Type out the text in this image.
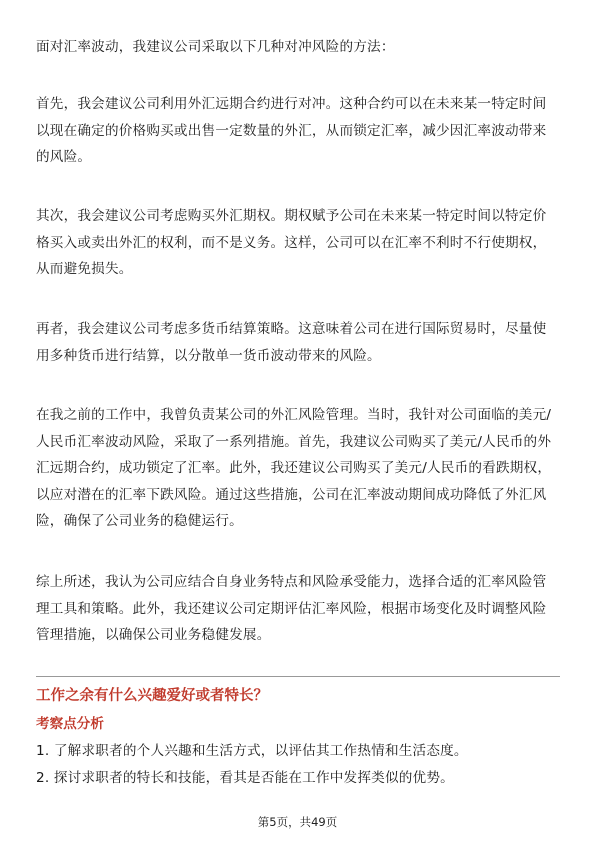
面对汇率波动，我建议公司采取以下几种对冲风险的方法：

首先，我会建议公司利用外汇远期合约进行对冲。这种合约可以在未来某一特定时间以现在确定的价格购买或出售一定数量的外汇，从而锁定汇率，减少因汇率波动带来的风险。

其次，我会建议公司考虑购买外汇期权。期权赋予公司在未来某一特定时间以特定价格买入或卖出外汇的权利，而不是义务。这样，公司可以在汇率不利时不行使期权，从而避免损失。

再者，我会建议公司考虑多货币结算策略。这意味着公司在进行国际贸易时，尽量使用多种货币进行结算，以分散单一货币波动带来的风险。

在我之前的工作中，我曾负责某公司的外汇风险管理。当时，我针对公司面临的美元/人民币汇率波动风险，采取了一系列措施。首先，我建议公司购买了美元/人民币的外汇远期合约，成功锁定了汇率。此外，我还建议公司购买了美元/人民币的看跌期权，以应对潜在的汇率下跌风险。通过这些措施，公司在汇率波动期间成功降低了外汇风险，确保了公司业务的稳健运行。

综上所述，我认为公司应结合自身业务特点和风险承受能力，选择合适的汇率风险管理工具和策略。此外，我还建议公司定期评估汇率风险，根据市场变化及时调整风险管理措施，以确保公司业务稳健发展。

工作之余有什么兴趣爱好或者特长？
考察点分析
1. 了解求职者的个人兴趣和生活方式，以评估其工作热情和生活态度。
2. 探讨求职者的特长和技能，看其是否能在工作中发挥类似的优势。
第5页，共49页
